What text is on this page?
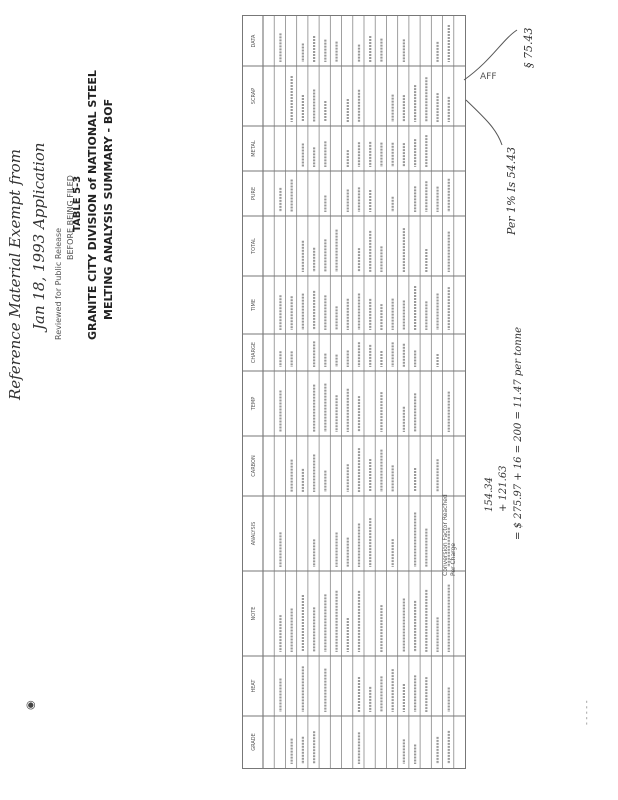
Reference Material Exempt from Jan 18, 1993 Application Reviewed for Public Release
BEFORE BEING FILED
TABLE 5-3 GRANITE CITY DIVISION of NATIONAL STEEL MELTING ANALYSIS SUMMARY - BOF
◉
DATA
SCRAP
METAL
PURE
TOTAL
TIME
CHARGE
TEMP
CARBON
ANALYSIS
NOTE
HEAT
GRADE
Conversion Factor Reached Per Charge
§ 75.43
Per 1% Is 54.43
154.34 + 121.63 = $ 275.97 + 16 = 200 = 11.47 per tonne
AFF
- - - - -
